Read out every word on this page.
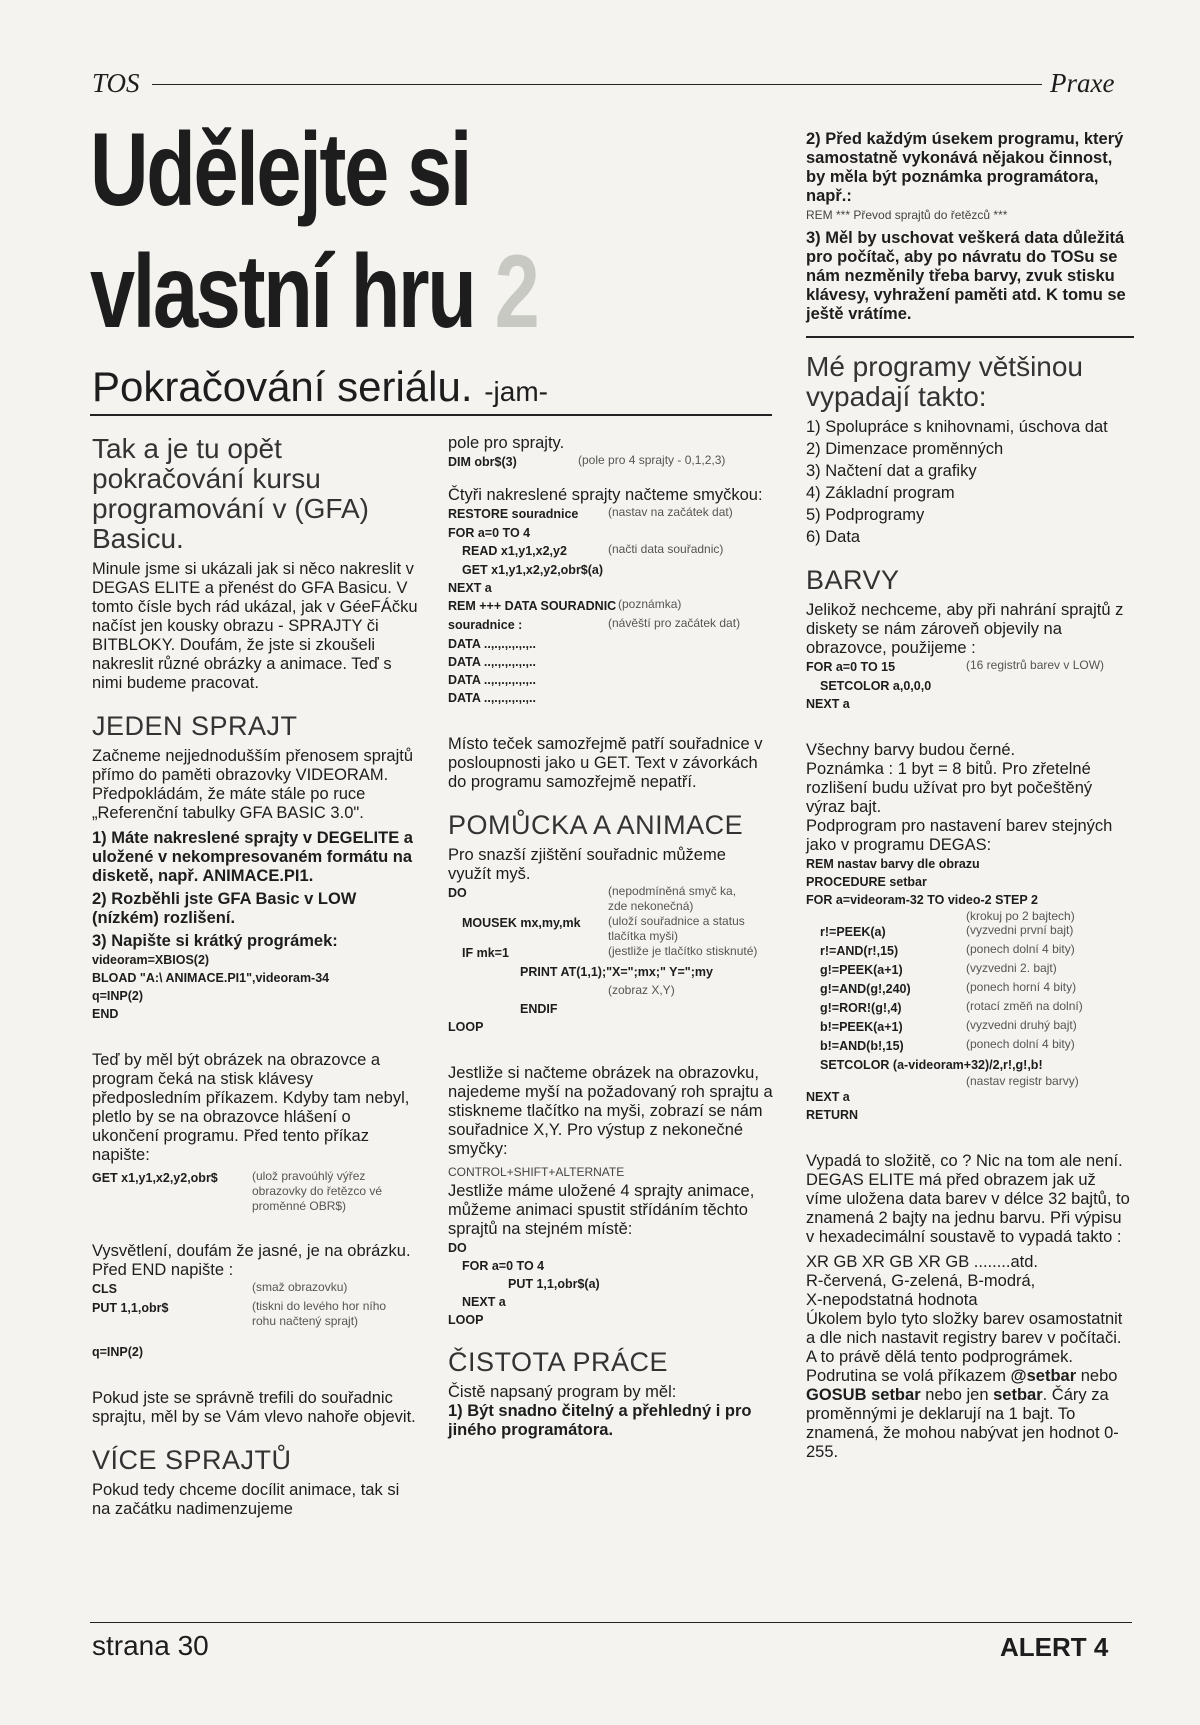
TOS	Praxe
Udělejte si
vlastní hru 2
Pokračování seriálu. -jam-

Tak a je tu opět pokračování kursu programování v (GFA) Basicu.

Minule jsme si ukázali jak si něco nakreslit v DEGAS ELITE a přenést do GFA Basicu. V tomto čísle bych rád ukázal, jak v GéeFÁčku načíst jen kousky obrazu - SPRAJTY či BITBLOKY. Doufám, že jste si zkoušeli nakreslit různé obrázky a animace. Teď s nimi budeme pracovat.

JEDEN SPRAJT

Začneme nejjednodušším přenosem sprajtů přímo do paměti obrazovky VIDEORAM. Předpokládám, že máte stále po ruce „Referenční tabulky GFA BASIC 3.0".

1) Máte nakreslené sprajty v DEGELITE a uložené v nekompresovaném formátu na disketě, např. ANIMACE.PI1.

2) Rozběhli jste GFA Basic v LOW (nízkém) rozlišení.

3) Napište si krátký prográmek:

videoram=XBIOS(2)
BLOAD "A:\ ANIMACE.PI1",videoram-34
q=INP(2)
END

Teď by měl být obrázek na obrazovce a program čeká na stisk klávesy předposledním příkazem. Kdyby tam nebyl, pletlo by se na obrazovce hlášení o ukončení programu. Před tento příkaz napište:

GET x1,y1,x2,y2,obr$	(ulož pravoúhlý výřez obrazovky do řetězco vé proměnné OBR$)

Vysvětlení, doufám že jasné, je na obrázku. Před END napište :

CLS	(smaž obrazovku)
PUT 1,1,obr$	(tiskni do levého hor ního rohu načtený sprajt)
q=INP(2)

Pokud jste se správně trefili do souřadnic sprajtu, měl by se Vám vlevo nahoře objevit.

VÍCE SPRAJTŮ

Pokud tedy chceme docílit animace, tak si na začátku nadimenzujeme

pole pro sprajty.

DIM obr$(3)	(pole pro 4 sprajty - 0,1,2,3)

Čtyři nakreslené sprajty načteme smyčkou:

RESTORE souradnice	(nastav na začátek dat)
FOR a=0 TO 4
READ x1,y1,x2,y2	(načti data souřadnic)
GET x1,y1,x2,y2,obr$(a)
NEXT a
REM +++ DATA SOURADNIC (poznámka)
souradnice :	(návěští pro začátek dat)
DATA ..,.,.,.,.,.,..
DATA ..,.,.,.,.,.,..
DATA ..,.,.,.,.,.,..
DATA ..,.,.,.,.,.,..

Místo teček samozřejmě patří souřadnice v posloupnosti jako u GET. Text v závorkách do programu samozřejmě nepatří.

POMŮCKA A ANIMACE

Pro snazší zjištění souřadnic můžeme využít myš.

DO	(nepodmíněná smyč ka, zde nekonečná)
MOUSEK mx,my,mk	(uloží souřadnice a status tlačítka myši)
IF mk=1	(jestliže je tlačítko stisknuté)
PRINT AT(1,1);"X=";mx;" Y=";my
(zobraz X,Y)
ENDIF
LOOP

Jestliže si načteme obrázek na obrazovku, najedeme myší na požadovaný roh sprajtu a stiskneme tlačítko na myši, zobrazí se nám souřadnice X,Y. Pro výstup z nekonečné smyčky:

CONTROL+SHIFT+ALTERNATE

Jestliže máme uložené 4 sprajty animace, můžeme animaci spustit střídáním těchto sprajtů na stejném místě:

DO
FOR a=0 TO 4
PUT 1,1,obr$(a)
NEXT a
LOOP

ČISTOTA PRÁCE

Čistě napsaný program by měl:

1) Být snadno čitelný a přehledný i pro jiného programátora.

2) Před každým úsekem programu, který samostatně vykonává nějakou činnost, by měla být poznámka programátora, např.:

REM *** Převod sprajtů do řetězců ***

3) Měl by uschovat veškerá data důležitá pro počítač, aby po návratu do TOSu se nám nezměnily třeba barvy, zvuk stisku klávesy, vyhražení paměti atd. K tomu se ještě vrátíme.

Mé programy většinou vypadají takto:

1) Spolupráce s knihovnami, úschova dat

2) Dimenzace proměnných

3) Načtení dat a grafiky

4) Základní program

5) Podprogramy

6) Data

BARVY

Jelikož nechceme, aby při nahrání sprajtů z diskety se nám zároveň objevily na obrazovce, použijeme :

FOR a=0 TO 15	(16 registrů barev v LOW)
SETCOLOR a,0,0,0
NEXT a

Všechny barvy budou černé.

Poznámka : 1 byt = 8 bitů. Pro zřetelné rozlišení budu užívat pro byt počeštěný výraz bajt.

Podprogram pro nastavení barev stejných jako v programu DEGAS:

REM nastav barvy dle obrazu
PROCEDURE setbar
FOR a=videoram-32 TO video-2 STEP 2
(krokuj po 2 bajtech)
r!=PEEK(a)	(vyzvedni první bajt)
r!=AND(r!,15)	(ponech dolní 4 bity)
g!=PEEK(a+1)	(vyzvedni 2. bajt)
g!=AND(g!,240)	(ponech horní 4 bity)
g!=ROR!(g!,4)	(rotací změň na dolní)
b!=PEEK(a+1)	(vyzvedni druhý bajt)
b!=AND(b!,15)	(ponech dolní 4 bity)
SETCOLOR (a-videoram+32)/2,r!,g!,b!
(nastav registr barvy)
NEXT a
RETURN

Vypadá to složitě, co ? Nic na tom ale není. DEGAS ELITE má před obrazem jak už víme uložena data barev v délce 32 bajtů, to znamená 2 bajty na jednu barvu. Při výpisu v hexadecimální soustavě to vypadá takto :

XR GB XR GB XR GB ........atd.

R-červená, G-zelená, B-modrá,

X-nepodstatná hodnota

Úkolem bylo tyto složky barev osamostatnit a dle nich nastavit registry barev v počítači. A to právě dělá tento podprográmek.

Podrutina se volá příkazem @setbar nebo GOSUB setbar nebo jen setbar. Čáry za proměnnými je deklarují na 1 bajt. To znamená, že mohou nabývat jen hodnot 0-255.

strana 30	ALERT 4
